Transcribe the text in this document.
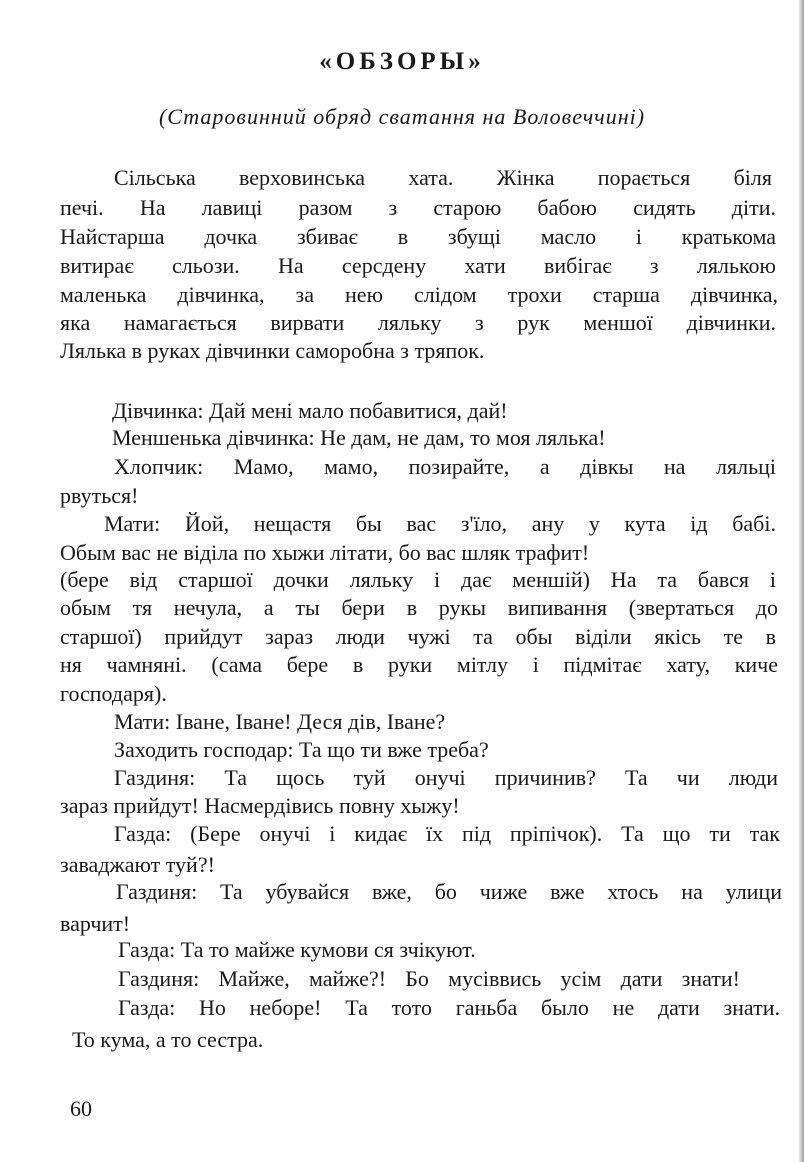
«ОБЗОРЫ»
(Старовинний обряд сватання на Воловеччині)
Сільська верховинська хата. Жінка порається біля
печі. На лавиці разом з старою бабою сидять діти.
Найстарша дочка збиває в збущі масло і кратькома
витирає сльози. На серсдену хати вибігає з лялькою
маленька дівчинка, за нею слідом трохи старша дівчинка,
яка намагається вирвати ляльку з рук меншої дівчинки.
Лялька в руках дівчинки саморобна з тряпок.
Дівчинка: Дай мені мало побавитися, дай!
Меншенька дівчинка: Не дам, не дам, то моя лялька!
Хлопчик: Мамо, мамо, позирайте, а дівкы на ляльці
рвуться!
Мати: Йой, нещастя бы вас з'їло, ану у кута ід бабі.
Обым вас не віділа по хыжи літати, бо вас шляк трафит!
(бере від старшої дочки ляльку і дає меншій) На та бався і
обым тя нечула, а ты бери в рукы випивання (звертаться до
старшої) прийдут зараз люди чужі та обы віділи якісь те в
ня чамняні. (сама бере в руки мітлу і підмітає хату, киче
господаря).
Мати: Іване, Іване! Деся дів, Іване?
Заходить господар: Та що ти вже треба?
Газдиня: Та щось туй онучі причинив? Та чи люди
зараз прийдут! Насмердівись повну хыжу!
Газда: (Бере онучі і кидає їх під пріпічок). Та що ти так
заваджают туй?!
Газдиня: Та убувайся вже, бо чиже вже хтось на улици
варчит!
Газда: Та то майже кумови ся зчікуют.
Газдиня: Майже, майже?! Бо мусіввись усім дати знати!
Газда: Но неборе! Та тото ганьба было не дати знати.
То кума, а то сестра.
60
